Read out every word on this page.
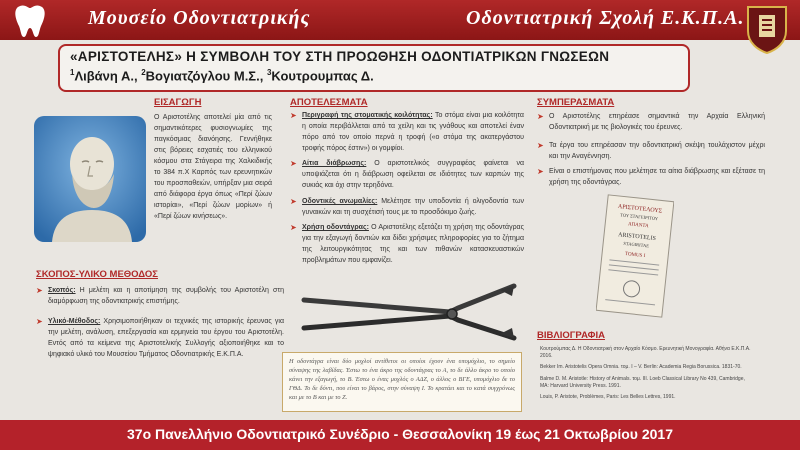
Μουσείο Οδοντιατρικής	Οδοντιατρική Σχολή Ε.Κ.Π.Α.
«ΑΡΙΣΤΟΤΕΛΗΣ» Η ΣΥΜΒΟΛΗ ΤΟΥ ΣΤΗ ΠΡΟΩΘΗΣΗ ΟΔΟΝΤΙΑΤΡΙΚΩΝ ΓΝΩΣΕΩΝ
$^1$Λιβάνη Α., $^2$Βογιατζόγλου Μ.Σ., $^3$Κουτρουμπας Δ.
ΕΙΣΑΓΩΓΗ
Ο Αριστοτέλης αποτελεί μία από τις σημαντικότερες φυσιογνωμίες της παγκόσμιας διανόησης. Γεννήθηκε στις βόρειες εσχατιές του ελληνικού κόσμου στα Στάγειρα της Χαλκιδικής το 384 π.Χ Καρπός των ερευνητικών του προσπαθειών, υπήρξαν μια σειρά από διάφορα έργα όπως «Περί ζώων ιστορίαι», «Περί ζώων μορίων» ή «Περί ζώων κινήσεως».
ΣΚΟΠΟΣ-ΥΛΙΚΟ ΜΕΘΟΔΟΣ
➤ Σκοπός: Η μελέτη και η αποτίμηση της συμβολής του Αριστοτέλη στη διαμόρφωση της οδοντιατρικής επιστήμης.
➤ Υλικό-Μέθοδος: Χρησιμοποιήθηκαν οι τεχνικές της ιστορικής έρευνας για την μελέτη, ανάλυση, επεξεργασία και ερμηνεία του έργου του Αριστοτέλη. Εντός από τα κείμενα της Αριστοτελικής Συλλογής αξιοποιήθηκε και το ψηφιακό υλικό του Μουσείου Τμήματος Οδοντιατρικής Ε.Κ.Π.Α.
ΑΠΟΤΕΛΕΣΜΑΤΑ
➤ Περιγραφή της στοματικής κοιλότητας: Το στόμα είναι μια κοιλότητα η οποία περιβάλλεται από τα χείλη και τις γνάθους και αποτελεί έναν πόρο από τον οποίο περνά η τροφή («ο στόμα της ακατεργάστου τροφής πόρος έστιν») οι γομφίοι.
➤ Αίτια διάβρωσης: Ο αριστοτελικός συγγραφέας φαίνεται να υποψιάζεται ότι η διάβρωση οφείλεται σε ιδιότητες των καρπών της συκιάς και όχι στην τερηδόνα.
➤ Οδοντικές ανωμαλίες: Μελέτησε την υποδοντία ή ολιγοδοντία των γυναικών και τη συσχέτισή τους με το προσδόκιμο ζωής.
➤ Χρήση οδοντάγρας: Ο Αριστοτέλης εξετάζει τη χρήση της οδοντάγρας για την εξαγωγή δοντιών και δίδει χρήσιμες πληροφορίες για το ζήτημα της λειτουργικότητας της και των πιθανών κατασκευαστικών προβλημάτων που εμφανίζει.
Η οδοντάγρα είναι δύο μοχλοί αντίθετοι οι οποίοι έχουν ένα υπομόχλιο, το σημείο σύναψης της λαβίδας. Έστω το ένα άκρο της οδοντάγρας το Α, το δε άλλο άκρο το οποίο κάνει την εξαγωγή, το Β. Έστω ο ένας μοχλός ο ΑΔΖ, ο άλλος ο ΒΓΕ, υπομόχλιο δε το ΓΘΔ. Το δε δόντι, που είναι το βάρος, στην σύναψη Ι. Το κρατάει και το κατά συγχρόνως και με το Β και με το Ζ.
ΣΥΜΠΕΡΑΣΜΑΤΑ
➤ Ο Αριστοτέλης επηρέασε σημαντικά την Αρχαία Ελληνική Οδοντιατρική με τις βιολογικές του έρευνες.
➤ Τα έργα του επηρέασαν την οδοντιατρική σκέψη τουλάχιστον μέχρι και την Αναγέννηση.
➤ Είναι ο επιστήμονας που μελέτησε τα αίτια διάβρωσης και εξέτασε τη χρήση της οδοντάγρας.
ΑΡΙΣΤΟΤΕΛΟΥΣ
ΤΟΥ ΣΤΑΓΕΙΡΙΤΟΥ
ΑΠΑΝΤΑ
ARISTOTELIS
STAGIRITAE
TOMUS I
ΒΙΒΛΙΟΓΡΑΦΙΑ
Κουτρούμπας Δ. Η Οδοντιατρική στον Αρχαίο Κόσμο. Ερευνητική Μονογραφία. Αθήνα Ε.Κ.Π.Α. 2016.
Bekker Im. Aristotelis Opera Omnia. τομ. I – V. Berlin: Academia Regia Borussica. 1831-70.
Balme D. M. Aristotle: History of Animals. τομ. III. Loeb Classical Library No 439, Cambridge, MA: Harvard University Press. 1991.
Louis, P. Aristote, Problèmes, Paris: Les Belles Lettres, 1991.
37ο Πανελλήνιο Οδοντιατρικό Συνέδριο - Θεσσαλονίκη 19 έως 21 Οκτωβρίου 2017
